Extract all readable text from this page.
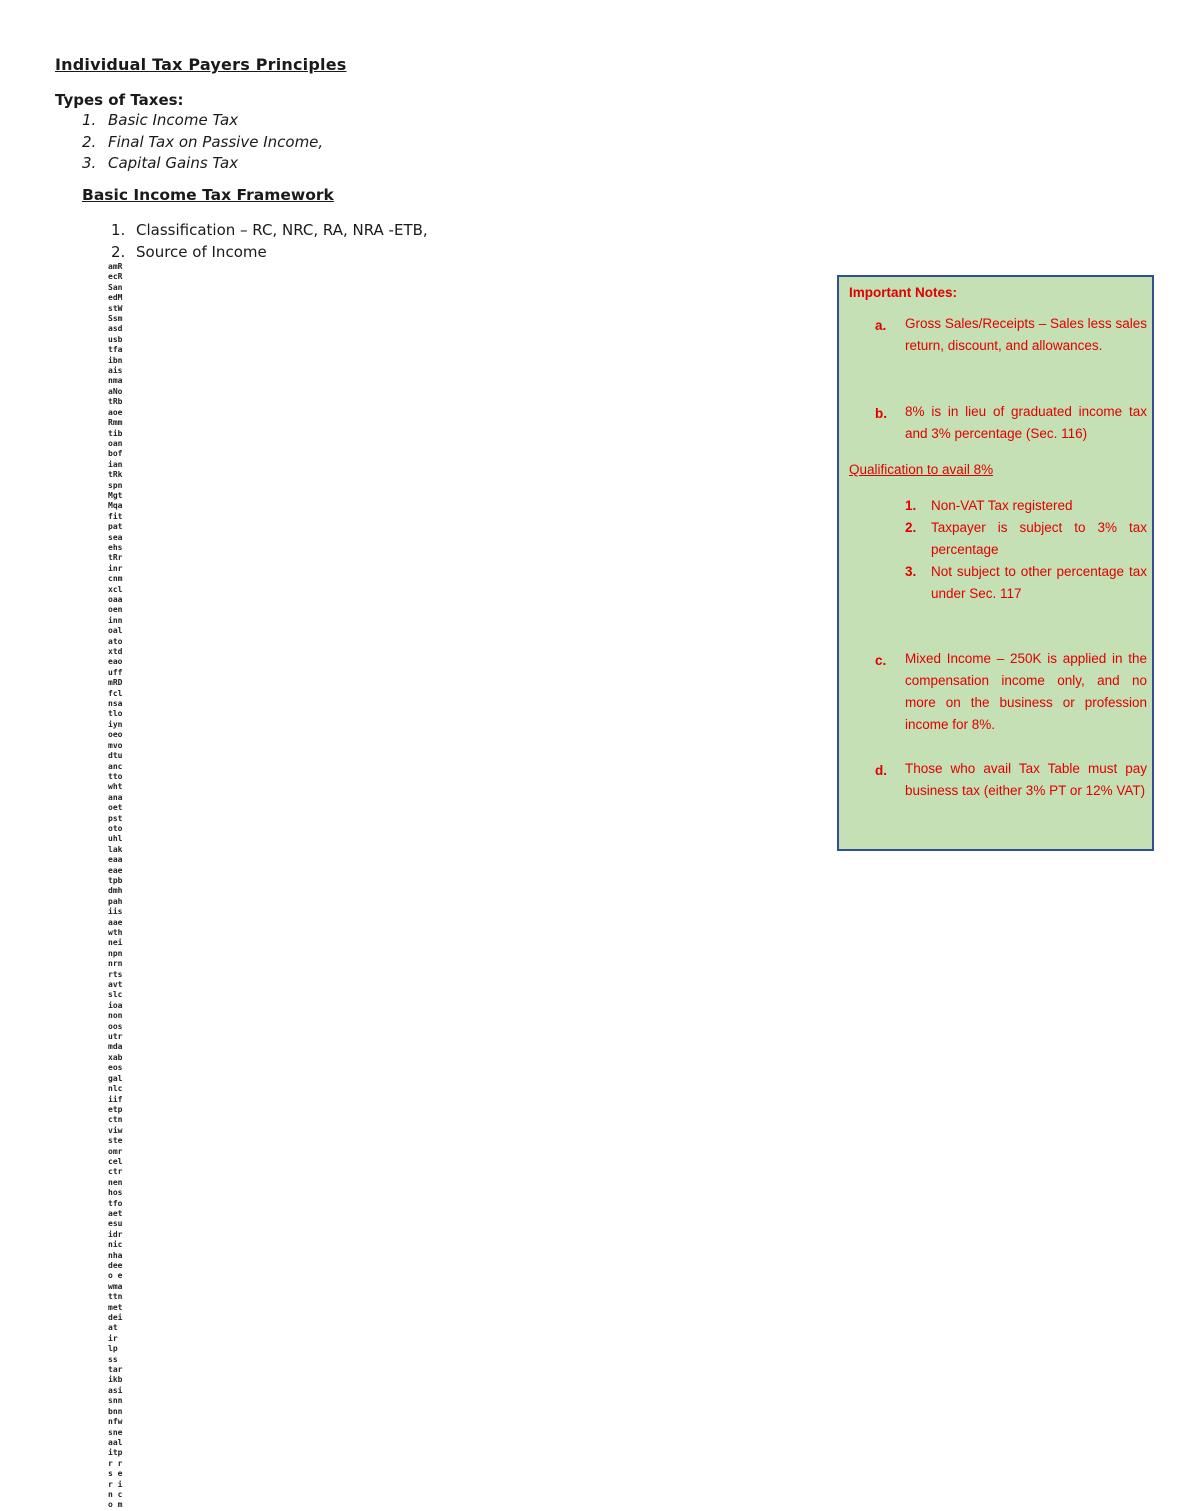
Individual Tax Payers Principles
Types of Taxes:
1. Basic Income Tax
2. Final Tax on Passive Income,
3. Capital Gains Tax
Basic Income Tax Framework
1. Classification – RC, NRC, RA, NRA -ETB,
2. Source of Income
amRecRSanedMstWSsmasdusbtfaibnaisnmaaNotRbaoeRmmtiboanbofiantRkspnMgtMqafitpatseaehstRrinrcnmxcloaaoeninnoalatoxtdeaouffmRDfclnsatloiynoeomvodtuancttowhtanaoetpstotouhllakeaaeaetpbdmhpahiisaaewthneinpnnrnrtsavtslcioanonoosutrmdaxabeosgalnlciifetpctnviwsteomrcelctrnenhostfoaetesuidr nicnhadeeo ewmattnmetdeiat ir lp ss tar ikb asisnn bnnnfwsneaal itp r r s e r i n c o m
Important Notes:
a. Gross Sales/Receipts – Sales less sales return, discount, and allowances.
b. 8% is in lieu of graduated income tax and 3% percentage (Sec. 116)
Qualification to avail 8%
1. Non-VAT Tax registered
2. Taxpayer is subject to 3% tax percentage
3. Not subject to other percentage tax under Sec. 117
c. Mixed Income – 250K is applied in the compensation income only, and no more on the business or profession income for 8%.
d. Those who avail Tax Table must pay business tax (either 3% PT or 12% VAT)
